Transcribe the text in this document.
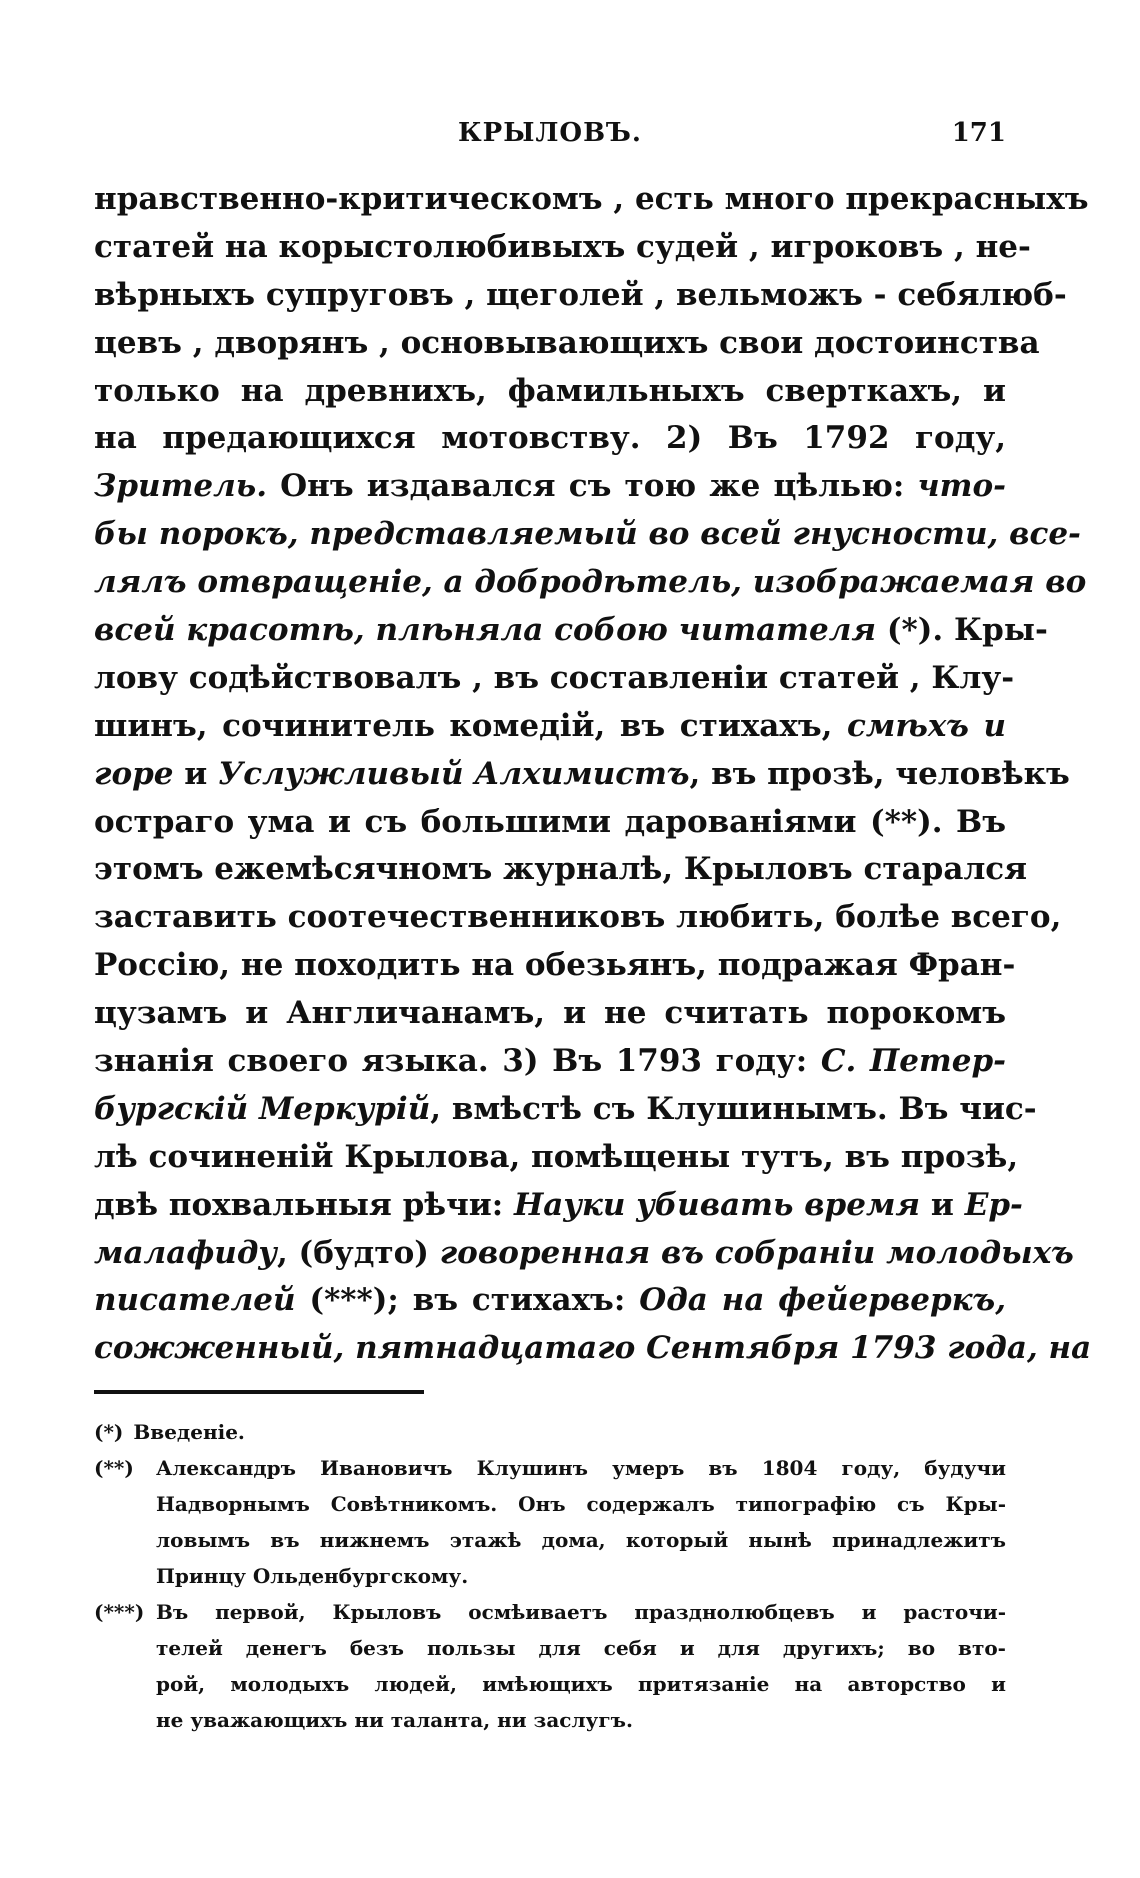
КРЫЛОВЪ.	171
нравственно-критическомъ , есть много прекрасныхъ
статей на корыстолюбивыхъ судей , игроковъ , не-
вѣрныхъ супруговъ , щеголей , вельможъ - себялюб-
цевъ , дворянъ , основывающихъ свои достоинства
только на древнихъ, фамильныхъ сверткахъ, и
на предающихся мотовству. 2) Въ 1792 году,
Зритель. Онъ издавался съ тою же цѣлью: что-
бы порокъ, представляемый во всей гнусности, все-
лялъ отвращеніе, а добродѣтель, изображаемая во
всей красотѣ, плѣняла собою читателя (*). Кры-
лову содѣйствовалъ , въ составленіи статей , Клу-
шинъ, сочинитель комедій, въ стихахъ, смѣхъ и
горе и Услужливый Алхимистъ, въ прозѣ, человѣкъ
остраго ума и съ большими дарованіями (**). Въ
этомъ ежемѣсячномъ журналѣ, Крыловъ старался
заставить соотечественниковъ любить, болѣе всего,
Россію, не походить на обезьянъ, подражая Фран-
цузамъ и Англичанамъ, и не считать порокомъ
знанія своего языка. 3) Въ 1793 году: С. Петер-
бургскій Меркурій, вмѣстѣ съ Клушинымъ. Въ чис-
лѣ сочиненій Крылова, помѣщены тутъ, въ прозѣ,
двѣ похвальныя рѣчи: Науки убивать время и Ер-
малафиду, (будто) говоренная въ собраніи молодыхъ
писателей (***); въ стихахъ: Ода на фейерверкъ,
сожженный, пятнадцатаго Сентября 1793 года, на
(*) Введеніе.
(**)	Александръ Ивановичъ Клушинъ умеръ въ 1804 году, будучи
Надворнымъ Совѣтникомъ. Онъ содержалъ типографію съ Кры-
ловымъ въ нижнемъ этажѣ дома, который нынѣ принадлежитъ
Принцу Ольденбургскому.
(***) Въ первой, Крыловъ осмѣиваетъ празднолюбцевъ и расточи-
телей денегъ безъ пользы для себя и для другихъ; во вто-
рой, молодыхъ людей, имѣющихъ притязаніе на авторство и
не уважающихъ ни таланта, ни заслугъ.
